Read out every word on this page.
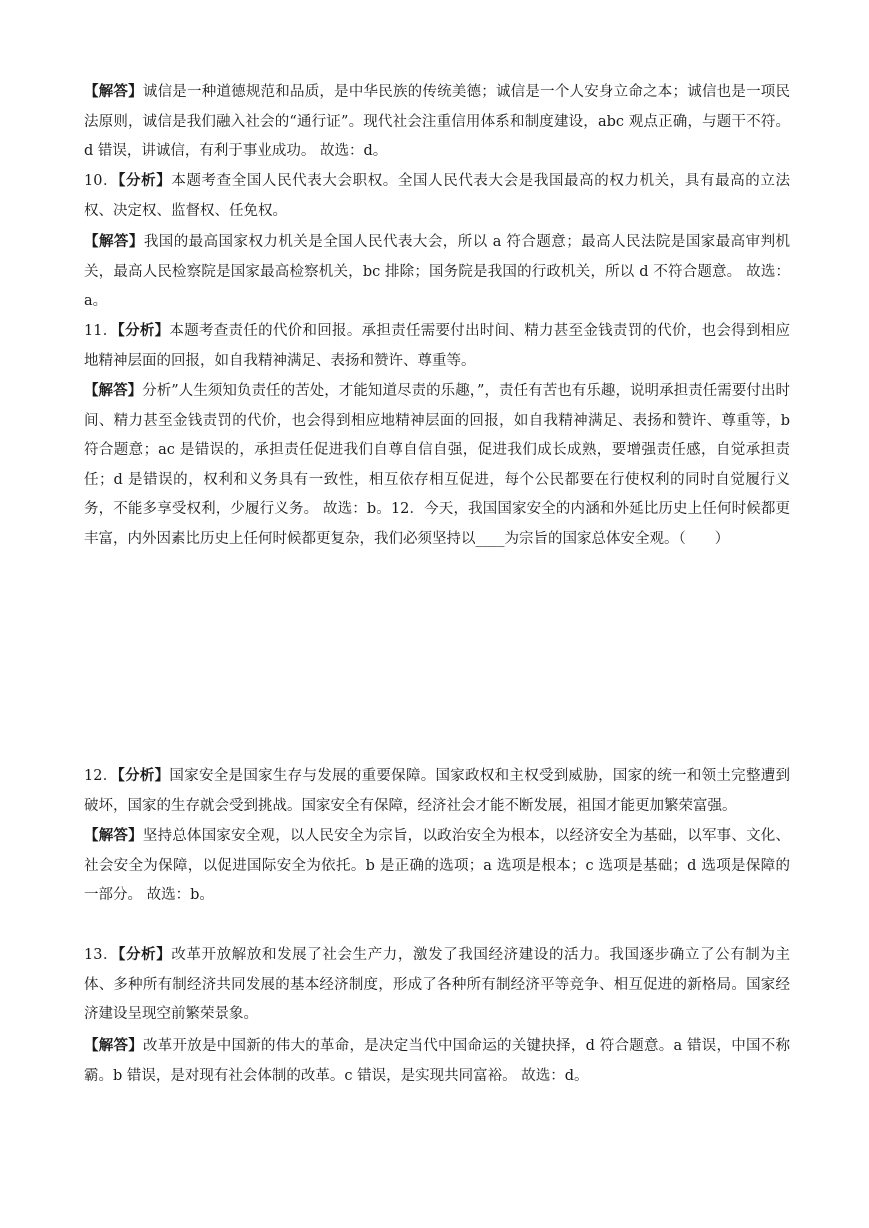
【解答】诚信是一种道德规范和品质，是中华民族的传统美德；诚信是一个人安身立命之本；诚信也是一项民法原则，诚信是我们融入社会的“通行证”。现代社会注重信用体系和制度建设，abc 观点正确，与题干不符。d 错误，讲诚信，有利于事业成功。 故选：d。

10．【分析】本题考查全国人民代表大会职权。全国人民代表大会是我国最高的权力机关，具有最高的立法权、决定权、监督权、任免权。

【解答】我国的最高国家权力机关是全国人民代表大会，所以 a 符合题意；最高人民法院是国家最高审判机关，最高人民检察院是国家最高检察机关，bc 排除；国务院是我国的行政机关，所以 d 不符合题意。 故选：a。

11．【分析】本题考查责任的代价和回报。承担责任需要付出时间、精力甚至金钱责罚的代价，也会得到相应地精神层面的回报，如自我精神满足、表扬和赞许、尊重等。

【解答】分析”人生须知负责任的苦处，才能知道尽责的乐趣，”，责任有苦也有乐趣，说明承担责任需要付出时间、精力甚至金钱责罚的代价，也会得到相应地精神层面的回报，如自我精神满足、表扬和赞许、尊重等，b 符合题意；ac 是错误的，承担责任促进我们自尊自信自强，促进我们成长成熟，要增强责任感，自觉承担责任；d 是错误的，权利和义务具有一致性，相互依存相互促进，每个公民都要在行使权利的同时自觉履行义务，不能多享受权利，少履行义务。 故选：b。12．今天，我国国家安全的内涵和外延比历史上任何时候都更丰富，内外因素比历史上任何时候都更复杂，我们必须坚持以____为宗旨的国家总体安全观。（　　）

12．【分析】国家安全是国家生存与发展的重要保障。国家政权和主权受到威胁，国家的统一和领土完整遭到破坏，国家的生存就会受到挑战。国家安全有保障，经济社会才能不断发展，祖国才能更加繁荣富强。

【解答】坚持总体国家安全观，以人民安全为宗旨，以政治安全为根本，以经济安全为基础，以军事、文化、社会安全为保障，以促进国际安全为依托。b 是正确的选项；a 选项是根本；c 选项是基础；d 选项是保障的一部分。 故选：b。

13．【分析】改革开放解放和发展了社会生产力，激发了我国经济建设的活力。我国逐步确立了公有制为主体、多种所有制经济共同发展的基本经济制度，形成了各种所有制经济平等竞争、相互促进的新格局。国家经济建设呈现空前繁荣景象。

【解答】改革开放是中国新的伟大的革命，是决定当代中国命运的关键抉择，d 符合题意。a 错误，中国不称霸。b 错误，是对现有社会体制的改革。c 错误，是实现共同富裕。 故选：d。
